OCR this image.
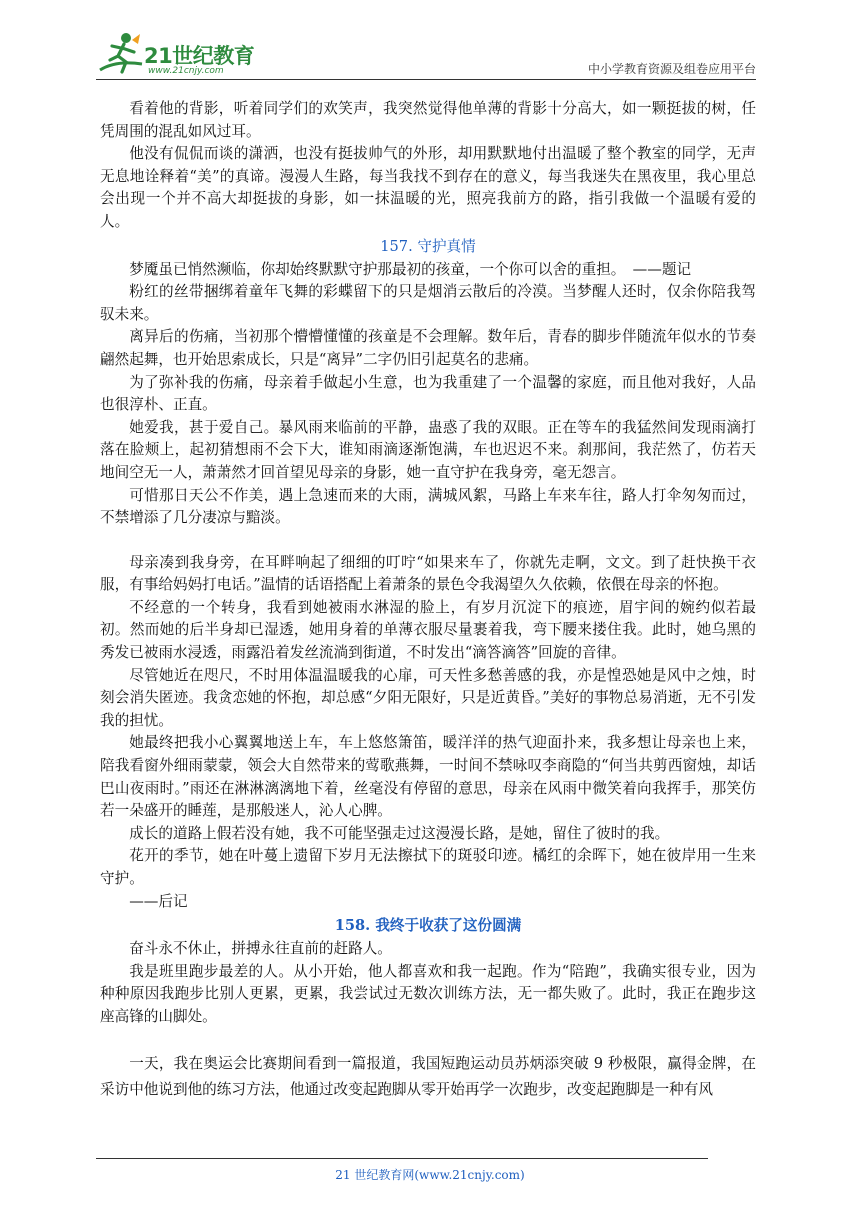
21世纪教育
www.21cnjy.com	中小学教育资源及组卷应用平台

看着他的背影，听着同学们的欢笑声，我突然觉得他单薄的背影十分高大，如一颗挺拔的树，任凭周围的混乱如风过耳。

他没有侃侃而谈的潇洒，也没有挺拔帅气的外形，却用默默地付出温暖了整个教室的同学，无声无息地诠释着“美”的真谛。漫漫人生路，每当我找不到存在的意义，每当我迷失在黑夜里，我心里总会出现一个并不高大却挺拔的身影，如一抹温暖的光，照亮我前方的路，指引我做一个温暖有爱的人。

157. 守护真情

梦魇虽已悄然濒临，你却始终默默守护那最初的孩童，一个你可以舍的重担。　——题记

粉红的丝带捆绑着童年飞舞的彩蝶留下的只是烟消云散后的冷漠。当梦醒人还时，仅余你陪我驾驭未来。

离异后的伤痛，当初那个懵懵懂懂的孩童是不会理解。数年后，青春的脚步伴随流年似水的节奏翩然起舞，也开始思索成长，只是“离异”二字仍旧引起莫名的悲痛。

为了弥补我的伤痛，母亲着手做起小生意，也为我重建了一个温馨的家庭，而且他对我好，人品也很淳朴、正直。

她爱我，甚于爱自己。暴风雨来临前的平静，蛊惑了我的双眼。正在等车的我猛然间发现雨滴打落在脸颊上，起初猜想雨不会下大，谁知雨滴逐渐饱满，车也迟迟不来。刹那间，我茫然了，仿若天地间空无一人，萧萧然才回首望见母亲的身影，她一直守护在我身旁，毫无怨言。

可惜那日天公不作美，遇上急速而来的大雨，满城风絮，马路上车来车往，路人打伞匆匆而过，不禁增添了几分凄凉与黯淡。

母亲凑到我身旁，在耳畔响起了细细的叮咛“如果来车了，你就先走啊，文文。到了赶快换干衣服，有事给妈妈打电话。”温情的话语搭配上着萧条的景色令我渴望久久依赖，依偎在母亲的怀抱。

不经意的一个转身，我看到她被雨水淋湿的脸上，有岁月沉淀下的痕迹，眉宇间的婉约似若最初。然而她的后半身却已湿透，她用身着的单薄衣服尽量裹着我，弯下腰来搂住我。此时，她乌黑的秀发已被雨水浸透，雨露沿着发丝流淌到街道，不时发出“滴答滴答”回旋的音律。

尽管她近在咫尺，不时用体温温暖我的心扉，可天性多愁善感的我，亦是惶恐她是风中之烛，时刻会消失匿迹。我贪恋她的怀抱，却总感“夕阳无限好，只是近黄昏。”美好的事物总易消逝，无不引发我的担忧。

她最终把我小心翼翼地送上车，车上悠悠箫笛，暖洋洋的热气迎面扑来，我多想让母亲也上来，陪我看窗外细雨蒙蒙，领会大自然带来的莺歌燕舞，一时间不禁咏叹李商隐的“何当共剪西窗烛，却话巴山夜雨时。”雨还在淋淋漓漓地下着，丝毫没有停留的意思，母亲在风雨中微笑着向我挥手，那笑仿若一朵盛开的睡莲，是那般迷人，沁人心脾。

成长的道路上假若没有她，我不可能坚强走过这漫漫长路，是她，留住了彼时的我。

花开的季节，她在叶蔓上遗留下岁月无法擦拭下的斑驳印迹。橘红的余晖下，她在彼岸用一生来守护。

——后记

158. 我终于收获了这份圆满

奋斗永不休止，拼搏永往直前的赶路人。

我是班里跑步最差的人。从小开始，他人都喜欢和我一起跑。作为“陪跑”，我确实很专业，因为种种原因我跑步比别人更累，更累，我尝试过无数次训练方法，无一都失败了。此时，我正在跑步这座高锋的山脚处。

一天，我在奥运会比赛期间看到一篇报道，我国短跑运动员苏炳添突破 9 秒极限，赢得金牌，在采访中他说到他的练习方法，他通过改变起跑脚从零开始再学一次跑步，改变起跑脚是一种有风

21 世纪教育网(www.21cnjy.com)
